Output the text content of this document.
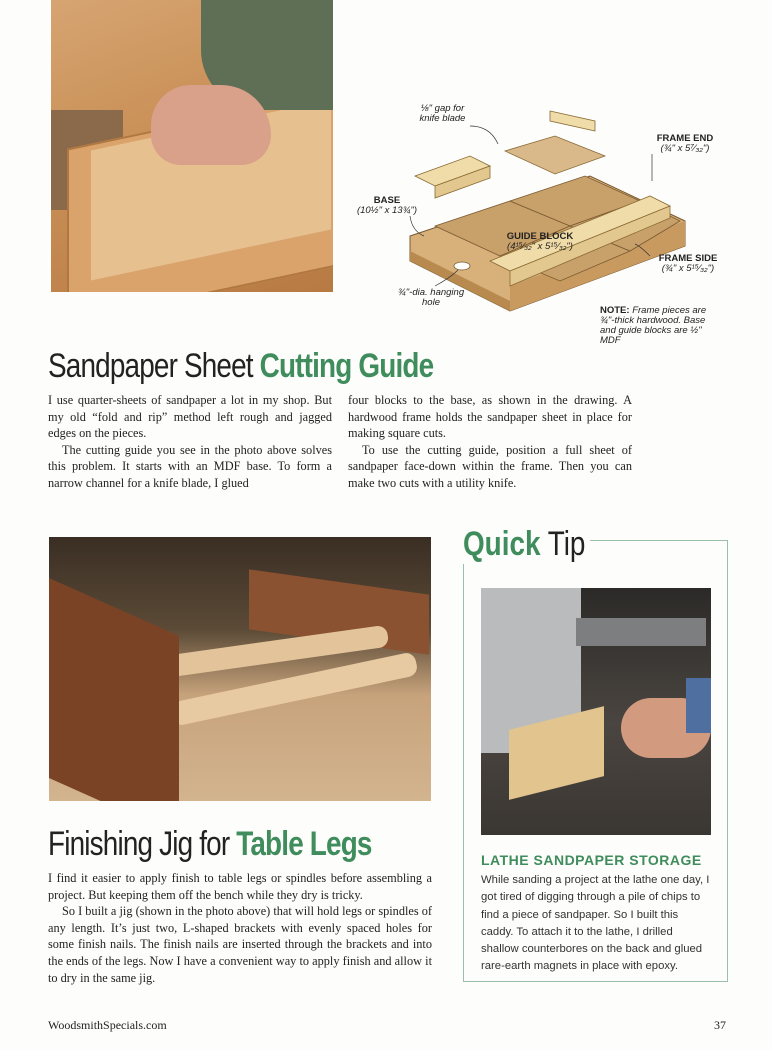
⅛" gap for knife blade
FRAME END
(¾" x 5⁷⁄₃₂")
BASE
(10½" x 13¾")
GUIDE BLOCK
(4¹⁵⁄₃₂" x 5¹⁵⁄₃₂")
FRAME SIDE
(¾" x 5¹⁵⁄₃₂")
¾"-dia. hanging hole
NOTE: Frame pieces are ¾"-thick hardwood. Base and guide blocks are ½" MDF
Sandpaper Sheet Cutting Guide

I use quarter-sheets of sandpaper a lot in my shop. But my old “fold and rip” method left rough and jagged edges on the pieces.

The cutting guide you see in the photo above solves this problem. It starts with an MDF base. To form a narrow channel for a knife blade, I glued

four blocks to the base, as shown in the drawing. A hardwood frame holds the sandpaper sheet in place for making square cuts.

To use the cutting guide, position a full sheet of sandpaper face-down within the frame. Then you can make two cuts with a utility knife.

Finishing Jig for Table Legs

I find it easier to apply finish to table legs or spindles before assembling a project. But keeping them off the bench while they dry is tricky.

So I built a jig (shown in the photo above) that will hold legs or spindles of any length. It’s just two, L-shaped brackets with evenly spaced holes for some finish nails. The finish nails are inserted through the brackets and into the ends of the legs. Now I have a convenient way to apply finish and allow it to dry in the same jig.

Quick Tip
LATHE SANDPAPER STORAGE
While sanding a project at the lathe one day, I got tired of digging through a pile of chips to find a piece of sandpaper. So I built this caddy. To attach it to the lathe, I drilled shallow counterbores on the back and glued rare-earth magnets in place with epoxy.
WoodsmithSpecials.com	37
